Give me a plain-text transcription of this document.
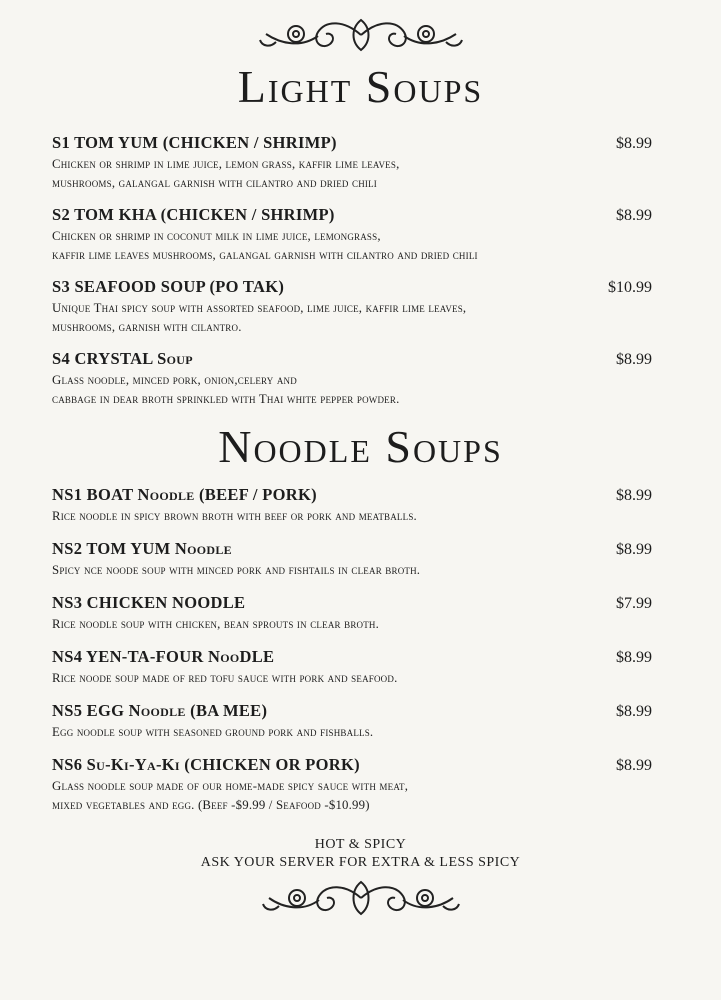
Light Soups
S1 TOM YUM (CHICKEN / SHRIMP)	$8.99
Chicken or shrimp in lime juice, lemon grass, kaffir lime leaves,
mushrooms, galangal garnish with cilantro and dried chili
S2 TOM KHA (CHICKEN / SHRIMP)	$8.99
Chicken or shrimp in coconut milk in lime juice, lemongrass,
kaffir lime leaves mushrooms, galangal garnish with cilantro and dried chili
S3 SEAFOOD SOUP (PO TAK)	$10.99
Unique Thai spicy soup with assorted seafood, lime juice, kaffir lime leaves,
mushrooms, garnish with cilantro.
S4 CRYSTAL Soup	$8.99
Glass noodle, minced pork, onion,celery and
cabbage in dear broth sprinkled with Thai white pepper powder.
Noodle Soups
NS1 BOAT Noodle (BEEF / PORK)	$8.99
Rice noodle in spicy brown broth with beef or pork and meatballs.
NS2 TOM YUM Noodle	$8.99
Spicy nce noode soup with minced pork and fishtails in clear broth.
NS3 CHICKEN NOODLE	$7.99
Rice noodle soup with chicken, bean sprouts in clear broth.
NS4 YEN-TA-FOUR NooDLE	$8.99
Rice noode soup made of red tofu sauce with pork and seafood.
NS5 EGG Noodle (BA MEE)	$8.99
Egg noodle soup with seasoned ground pork and fishballs.
NS6 Su-Ki-Ya-Ki (CHICKEN OR PORK)	$8.99
Glass noodle soup made of our home-made spicy sauce with meat,
mixed vegetables and egg. (Beef -$9.99 / Seafood -$10.99)
HOT & SPICY
ASK YOUR SERVER FOR EXTRA & LESS SPICY
